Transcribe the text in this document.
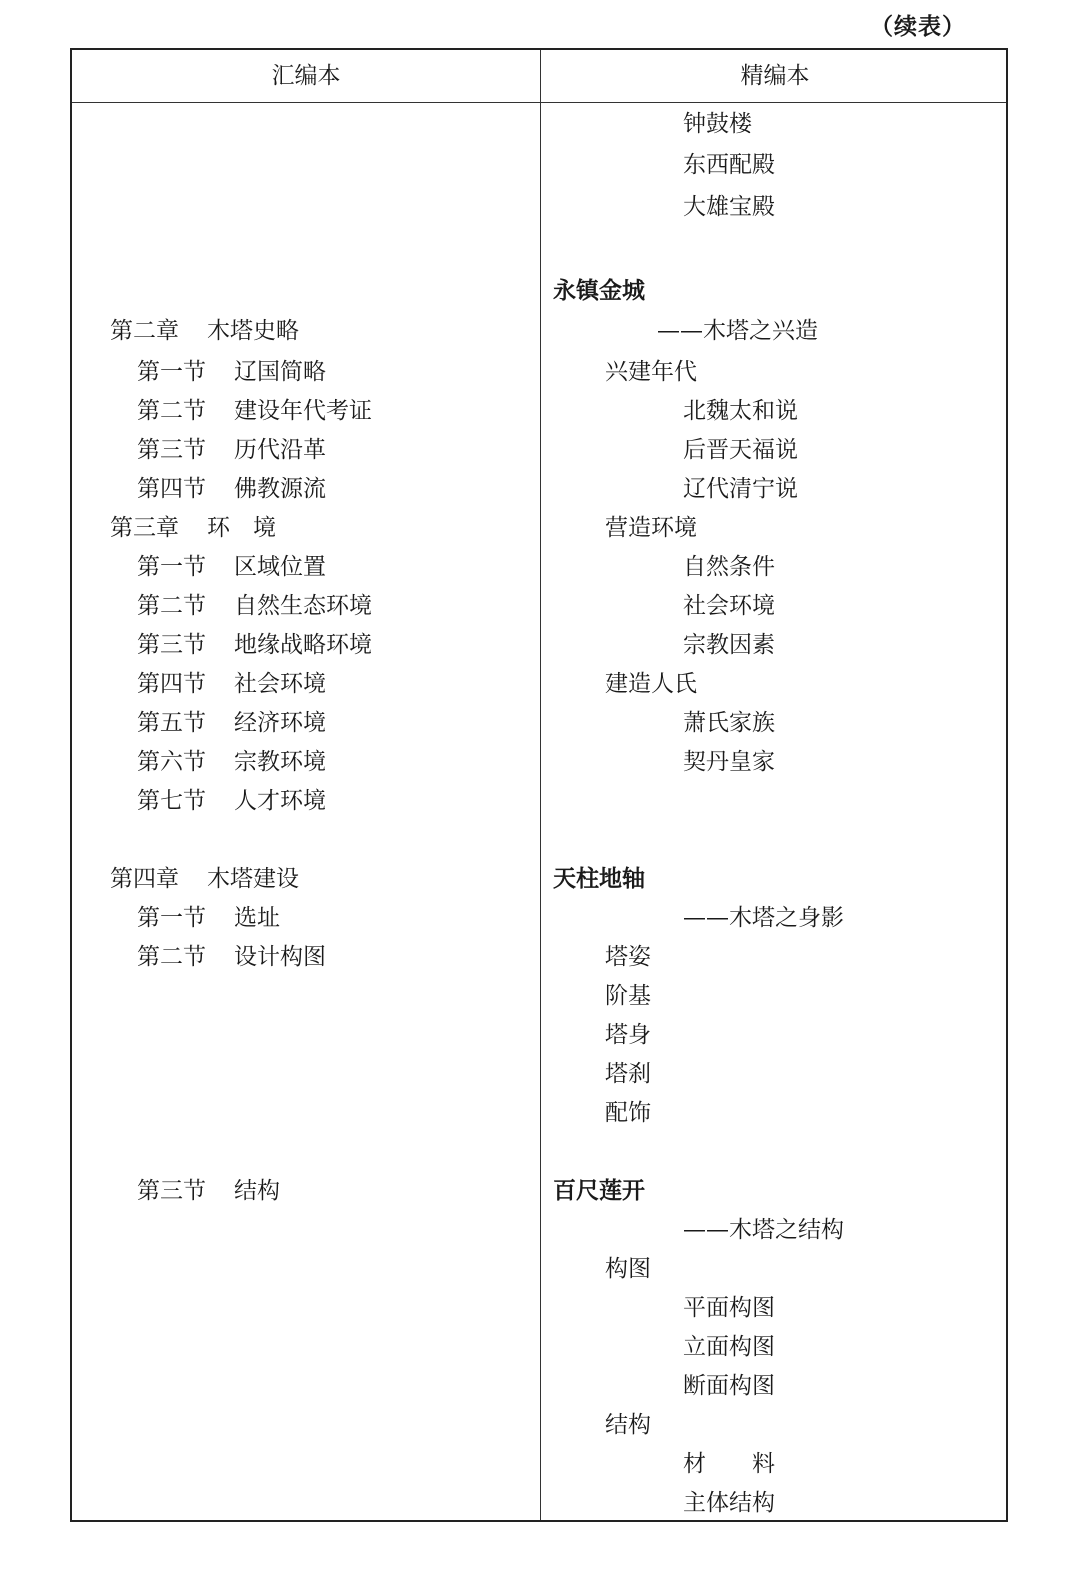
（续表）
汇编本	精编本
第二章 木塔史略
第一节 辽国简略
第二节 建设年代考证
第三节 历代沿革
第四节 佛教源流
第三章 环　境
第一节 区域位置
第二节 自然生态环境
第三节 地缘战略环境
第四节 社会环境
第五节 经济环境
第六节 宗教环境
第七节 人才环境
第四章 木塔建设
第一节 选址
第二节 设计构图
第三节 结构
钟鼓楼
东西配殿
大雄宝殿
永镇金城
——木塔之兴造
兴建年代
北魏太和说
后晋天福说
辽代清宁说
营造环境
自然条件
社会环境
宗教因素
建造人氏
萧氏家族
契丹皇家
天柱地轴
——木塔之身影
塔姿
阶基
塔身
塔刹
配饰
百尺莲开
——木塔之结构
构图
平面构图
立面构图
断面构图
结构
材　　料
主体结构
